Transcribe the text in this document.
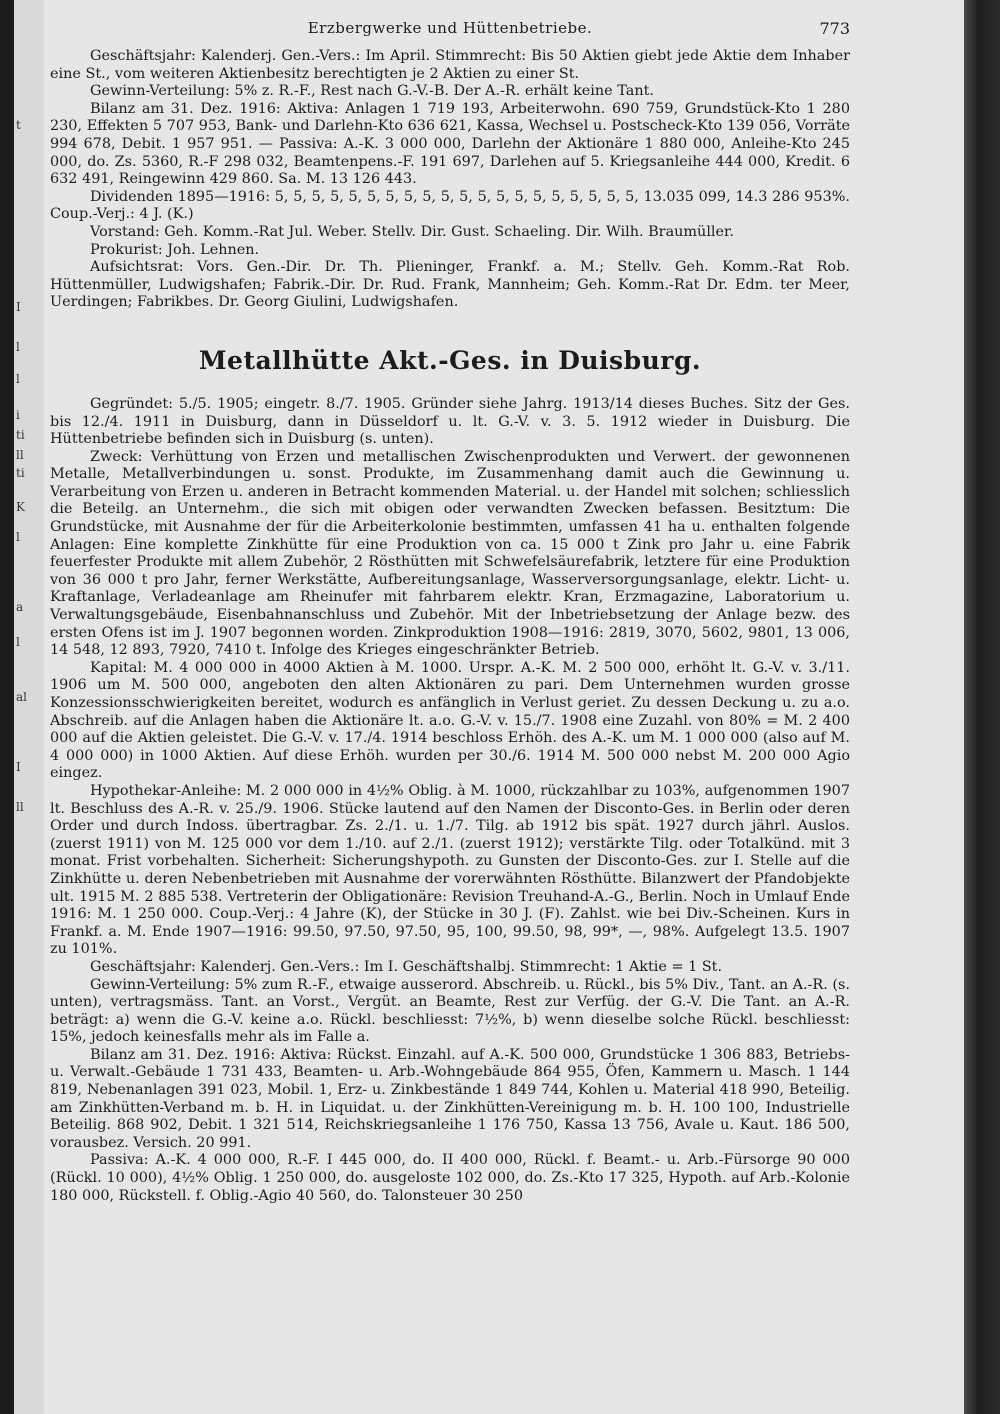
t
I
l
l
i
ti
ll
ti
K
l
a
l
al
I
ll
Erzbergwerke und Hüttenbetriebe.	773

Geschäftsjahr: Kalenderj. Gen.-Vers.: Im April. Stimmrecht: Bis 50 Aktien giebt jede Aktie dem Inhaber eine St., vom weiteren Aktienbesitz berechtigten je 2 Aktien zu einer St.

Gewinn-Verteilung: 5% z. R.-F., Rest nach G.-V.-B. Der A.-R. erhält keine Tant.

Bilanz am 31. Dez. 1916: Aktiva: Anlagen 1 719 193, Arbeiterwohn. 690 759, Grundstück-Kto 1 280 230, Effekten 5 707 953, Bank- und Darlehn-Kto 636 621, Kassa, Wechsel u. Postscheck-Kto 139 056, Vorräte 994 678, Debit. 1 957 951. — Passiva: A.-K. 3 000 000, Darlehn der Aktionäre 1 880 000, Anleihe-Kto 245 000, do. Zs. 5360, R.-F 298 032, Beamtenpens.-F. 191 697, Darlehen auf 5. Kriegsanleihe 444 000, Kredit. 6 632 491, Reingewinn 429 860. Sa. M. 13 126 443.

Dividenden 1895—1916: 5, 5, 5, 5, 5, 5, 5, 5, 5, 5, 5, 5, 5, 5, 5, 5, 5, 5, 5, 5, 13.035 099, 14.3 286 953%. Coup.-Verj.: 4 J. (K.)

Vorstand: Geh. Komm.-Rat Jul. Weber. Stellv. Dir. Gust. Schaeling. Dir. Wilh. Braumüller.

Prokurist: Joh. Lehnen.

Aufsichtsrat: Vors. Gen.-Dir. Dr. Th. Plieninger, Frankf. a. M.; Stellv. Geh. Komm.-Rat Rob. Hüttenmüller, Ludwigshafen; Fabrik.-Dir. Dr. Rud. Frank, Mannheim; Geh. Komm.-Rat Dr. Edm. ter Meer, Uerdingen; Fabrikbes. Dr. Georg Giulini, Ludwigshafen.

Metallhütte Akt.-Ges. in Duisburg.

Gegründet: 5./5. 1905; eingetr. 8./7. 1905. Gründer siehe Jahrg. 1913/14 dieses Buches. Sitz der Ges. bis 12./4. 1911 in Duisburg, dann in Düsseldorf u. lt. G.-V. v. 3. 5. 1912 wieder in Duisburg. Die Hüttenbetriebe befinden sich in Duisburg (s. unten).

Zweck: Verhüttung von Erzen und metallischen Zwischenprodukten und Verwert. der gewonnenen Metalle, Metallverbindungen u. sonst. Produkte, im Zusammenhang damit auch die Gewinnung u. Verarbeitung von Erzen u. anderen in Betracht kommenden Material. u. der Handel mit solchen; schliesslich die Beteilg. an Unternehm., die sich mit obigen oder verwandten Zwecken befassen. Besitztum: Die Grundstücke, mit Ausnahme der für die Arbeiterkolonie bestimmten, umfassen 41 ha u. enthalten folgende Anlagen: Eine komplette Zinkhütte für eine Produktion von ca. 15 000 t Zink pro Jahr u. eine Fabrik feuerfester Produkte mit allem Zubehör, 2 Rösthütten mit Schwefelsäurefabrik, letztere für eine Produktion von 36 000 t pro Jahr, ferner Werkstätte, Aufbereitungsanlage, Wasserversorgungsanlage, elektr. Licht- u. Kraftanlage, Verladeanlage am Rheinufer mit fahrbarem elektr. Kran, Erzmagazine, Laboratorium u. Verwaltungsgebäude, Eisenbahnanschluss und Zubehör. Mit der Inbetriebsetzung der Anlage bezw. des ersten Ofens ist im J. 1907 begonnen worden. Zinkproduktion 1908—1916: 2819, 3070, 5602, 9801, 13 006, 14 548, 12 893, 7920, 7410 t. Infolge des Krieges eingeschränkter Betrieb.

Kapital: M. 4 000 000 in 4000 Aktien à M. 1000. Urspr. A.-K. M. 2 500 000, erhöht lt. G.-V. v. 3./11. 1906 um M. 500 000, angeboten den alten Aktionären zu pari. Dem Unternehmen wurden grosse Konzessionsschwierigkeiten bereitet, wodurch es anfänglich in Verlust geriet. Zu dessen Deckung u. zu a.o. Abschreib. auf die Anlagen haben die Aktionäre lt. a.o. G.-V. v. 15./7. 1908 eine Zuzahl. von 80% = M. 2 400 000 auf die Aktien geleistet. Die G.-V. v. 17./4. 1914 beschloss Erhöh. des A.-K. um M. 1 000 000 (also auf M. 4 000 000) in 1000 Aktien. Auf diese Erhöh. wurden per 30./6. 1914 M. 500 000 nebst M. 200 000 Agio eingez.

Hypothekar-Anleihe: M. 2 000 000 in 4½% Oblig. à M. 1000, rückzahlbar zu 103%, aufgenommen 1907 lt. Beschluss des A.-R. v. 25./9. 1906. Stücke lautend auf den Namen der Disconto-Ges. in Berlin oder deren Order und durch Indoss. übertragbar. Zs. 2./1. u. 1./7. Tilg. ab 1912 bis spät. 1927 durch jährl. Auslos. (zuerst 1911) von M. 125 000 vor dem 1./10. auf 2./1. (zuerst 1912); verstärkte Tilg. oder Totalkünd. mit 3 monat. Frist vorbehalten. Sicherheit: Sicherungshypoth. zu Gunsten der Disconto-Ges. zur I. Stelle auf die Zinkhütte u. deren Nebenbetrieben mit Ausnahme der vorerwähnten Rösthütte. Bilanzwert der Pfandobjekte ult. 1915 M. 2 885 538. Vertreterin der Obligationäre: Revision Treuhand-A.-G., Berlin. Noch in Umlauf Ende 1916: M. 1 250 000. Coup.-Verj.: 4 Jahre (K), der Stücke in 30 J. (F). Zahlst. wie bei Div.-Scheinen. Kurs in Frankf. a. M. Ende 1907—1916: 99.50, 97.50, 97.50, 95, 100, 99.50, 98, 99*, —, 98%. Aufgelegt 13.5. 1907 zu 101%.

Geschäftsjahr: Kalenderj. Gen.-Vers.: Im I. Geschäftshalbj. Stimmrecht: 1 Aktie = 1 St.

Gewinn-Verteilung: 5% zum R.-F., etwaige ausserord. Abschreib. u. Rückl., bis 5% Div., Tant. an A.-R. (s. unten), vertragsmäss. Tant. an Vorst., Vergüt. an Beamte, Rest zur Verfüg. der G.-V. Die Tant. an A.-R. beträgt: a) wenn die G.-V. keine a.o. Rückl. beschliesst: 7½%, b) wenn dieselbe solche Rückl. beschliesst: 15%, jedoch keinesfalls mehr als im Falle a.

Bilanz am 31. Dez. 1916: Aktiva: Rückst. Einzahl. auf A.-K. 500 000, Grundstücke 1 306 883, Betriebs- u. Verwalt.-Gebäude 1 731 433, Beamten- u. Arb.-Wohngebäude 864 955, Öfen, Kammern u. Masch. 1 144 819, Nebenanlagen 391 023, Mobil. 1, Erz- u. Zinkbestände 1 849 744, Kohlen u. Material 418 990, Beteilig. am Zinkhütten-Verband m. b. H. in Liquidat. u. der Zinkhütten-Vereinigung m. b. H. 100 100, Industrielle Beteilig. 868 902, Debit. 1 321 514, Reichskriegsanleihe 1 176 750, Kassa 13 756, Avale u. Kaut. 186 500, vorausbez. Versich. 20 991.

Passiva: A.-K. 4 000 000, R.-F. I 445 000, do. II 400 000, Rückl. f. Beamt.- u. Arb.-Fürsorge 90 000 (Rückl. 10 000), 4½% Oblig. 1 250 000, do. ausgeloste 102 000, do. Zs.-Kto 17 325, Hypoth. auf Arb.-Kolonie 180 000, Rückstell. f. Oblig.-Agio 40 560, do. Talonsteuer 30 250
